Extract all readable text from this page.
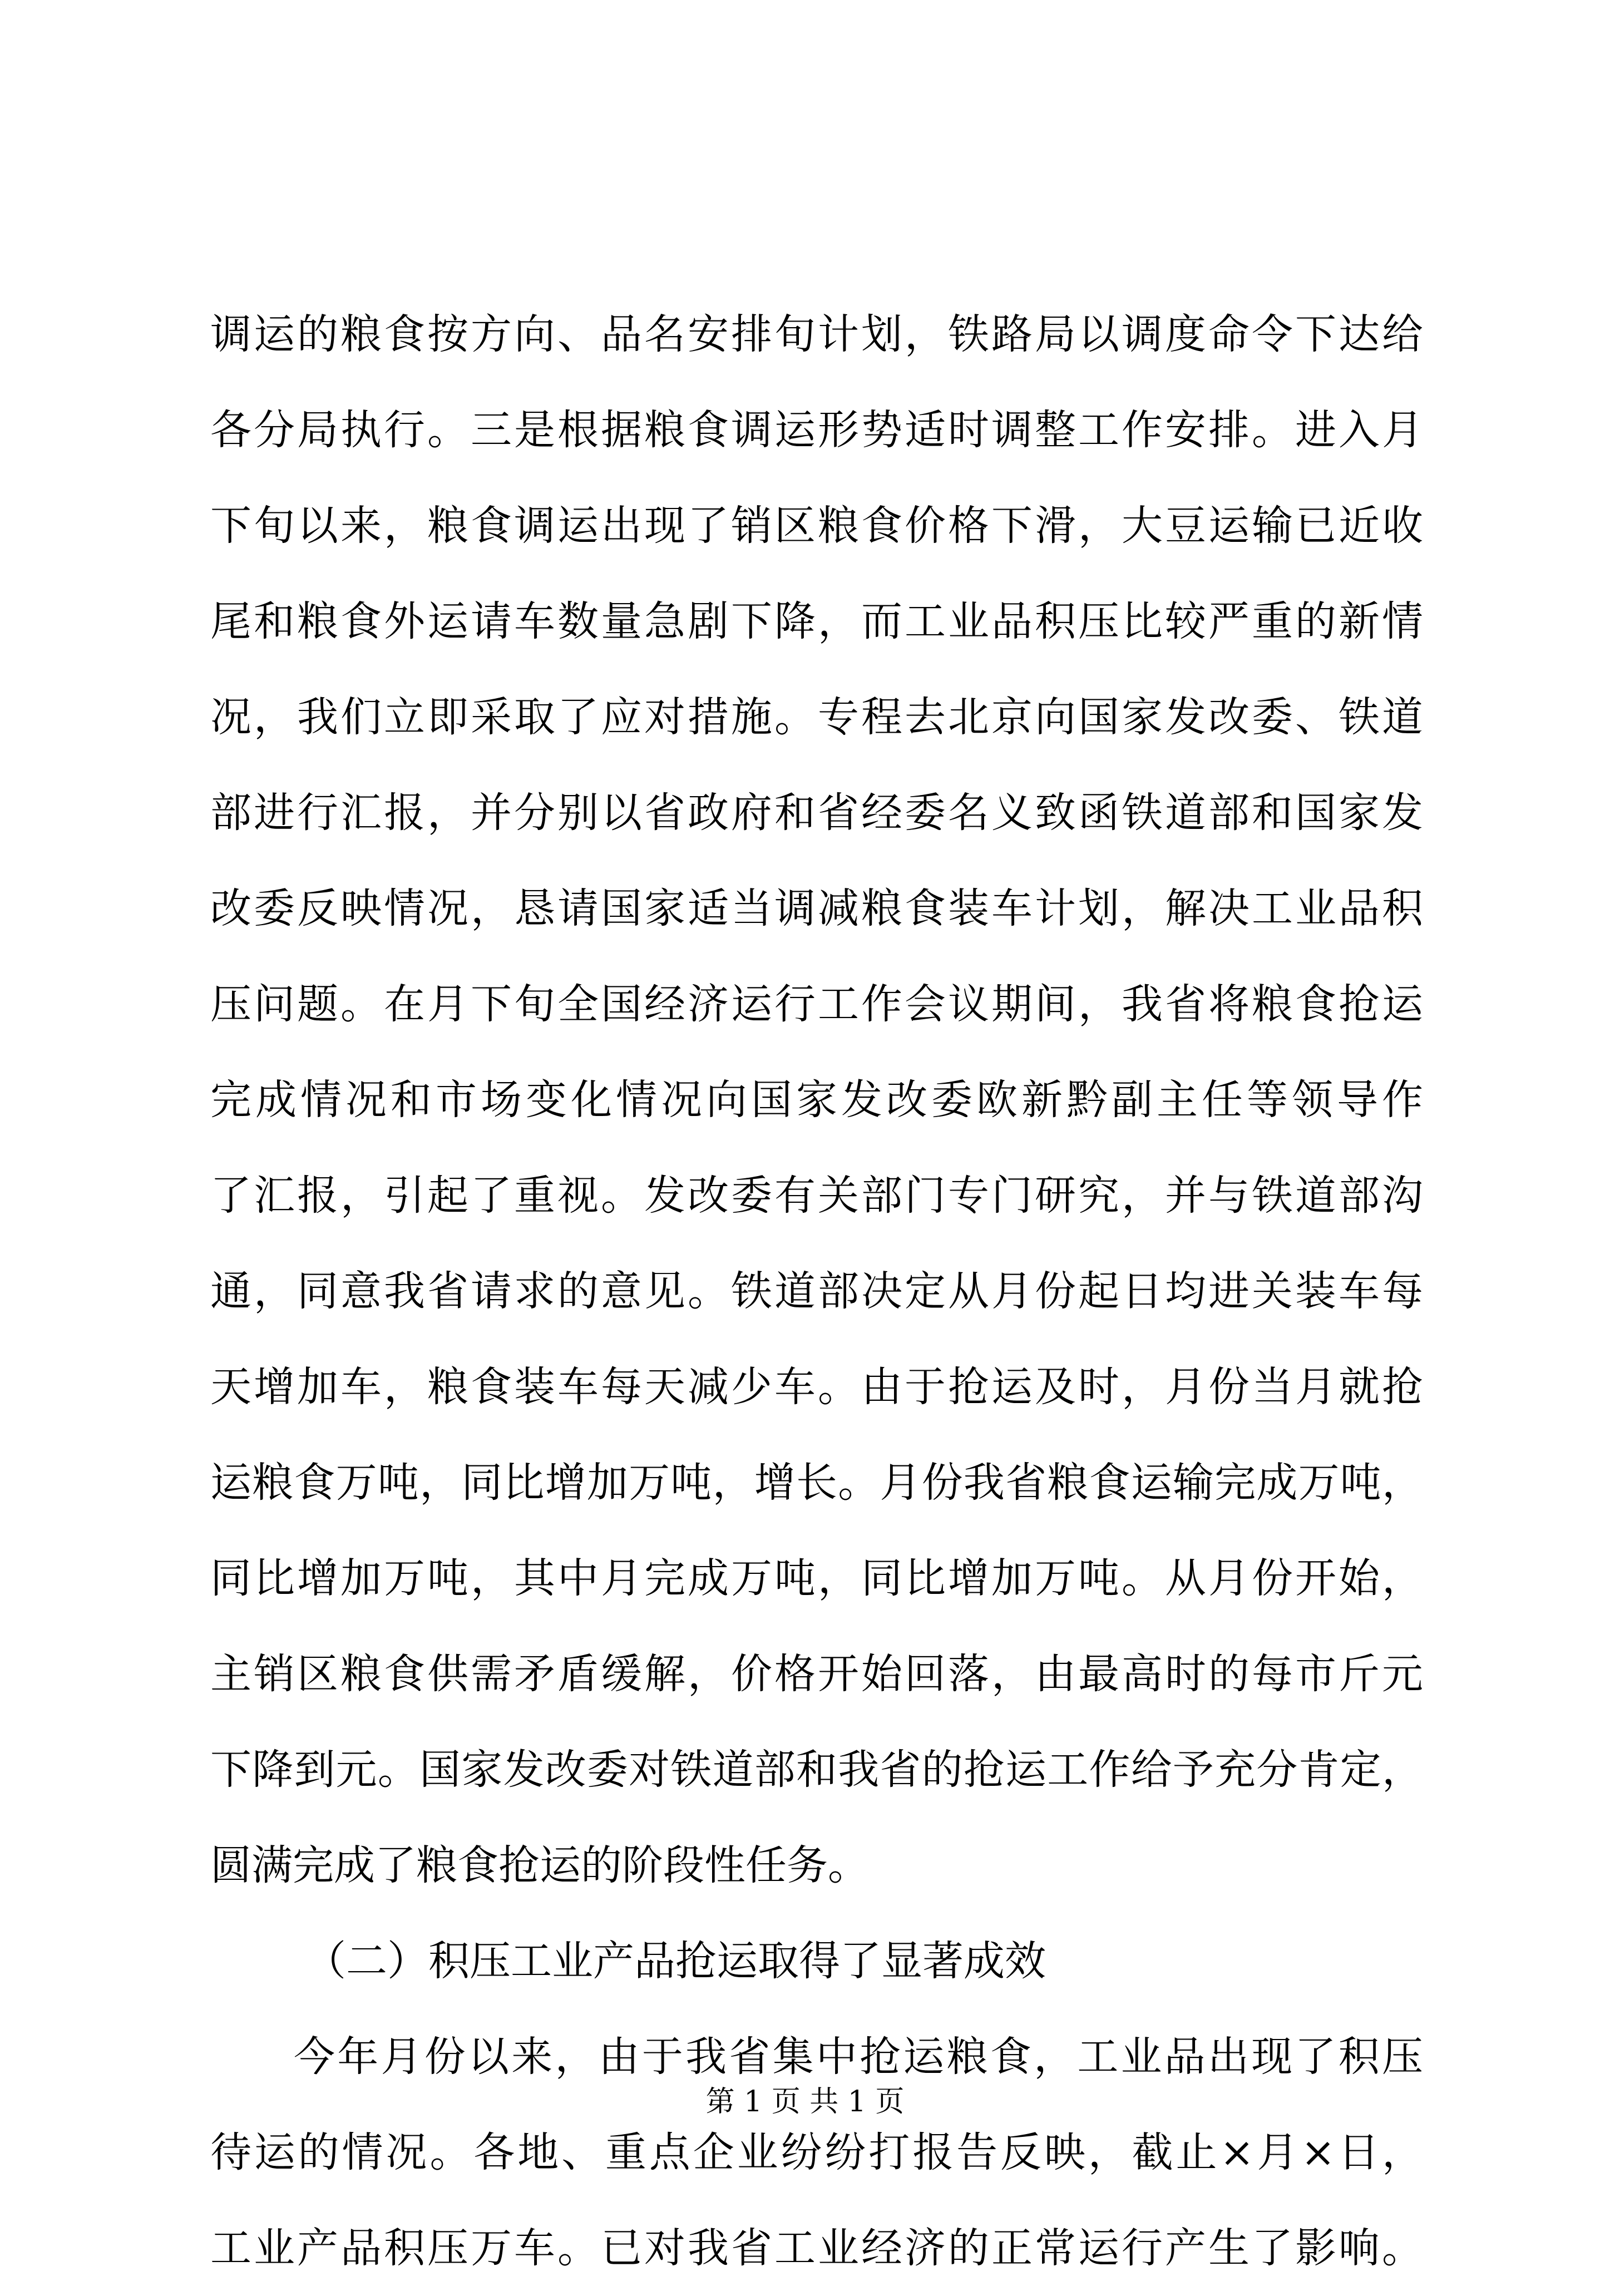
调运的粮食按方向、品名安排旬计划，铁路局以调度命令下达给
各分局执行。三是根据粮食调运形势适时调整工作安排。进入月
下旬以来，粮食调运出现了销区粮食价格下滑，大豆运输已近收
尾和粮食外运请车数量急剧下降，而工业品积压比较严重的新情
况，我们立即采取了应对措施。专程去北京向国家发改委、铁道
部进行汇报，并分别以省政府和省经委名义致函铁道部和国家发
改委反映情况，恳请国家适当调减粮食装车计划，解决工业品积
压问题。在月下旬全国经济运行工作会议期间，我省将粮食抢运
完成情况和市场变化情况向国家发改委欧新黔副主任等领导作
了汇报，引起了重视。发改委有关部门专门研究，并与铁道部沟
通，同意我省请求的意见。铁道部决定从月份起日均进关装车每
天增加车，粮食装车每天减少车。由于抢运及时，月份当月就抢
运粮食万吨，同比增加万吨，增长。月份我省粮食运输完成万吨，
同比增加万吨，其中月完成万吨，同比增加万吨。从月份开始，
主销区粮食供需矛盾缓解，价格开始回落，由最高时的每市斤元
下降到元。国家发改委对铁道部和我省的抢运工作给予充分肯定，
圆满完成了粮食抢运的阶段性任务。
（二）积压工业产品抢运取得了显著成效
今年月份以来，由于我省集中抢运粮食，工业品出现了积压
待运的情况。各地、重点企业纷纷打报告反映，截止×月×日，
工业产品积压万车。已对我省工业经济的正常运行产生了影响。
第 1 页 共 1 页
